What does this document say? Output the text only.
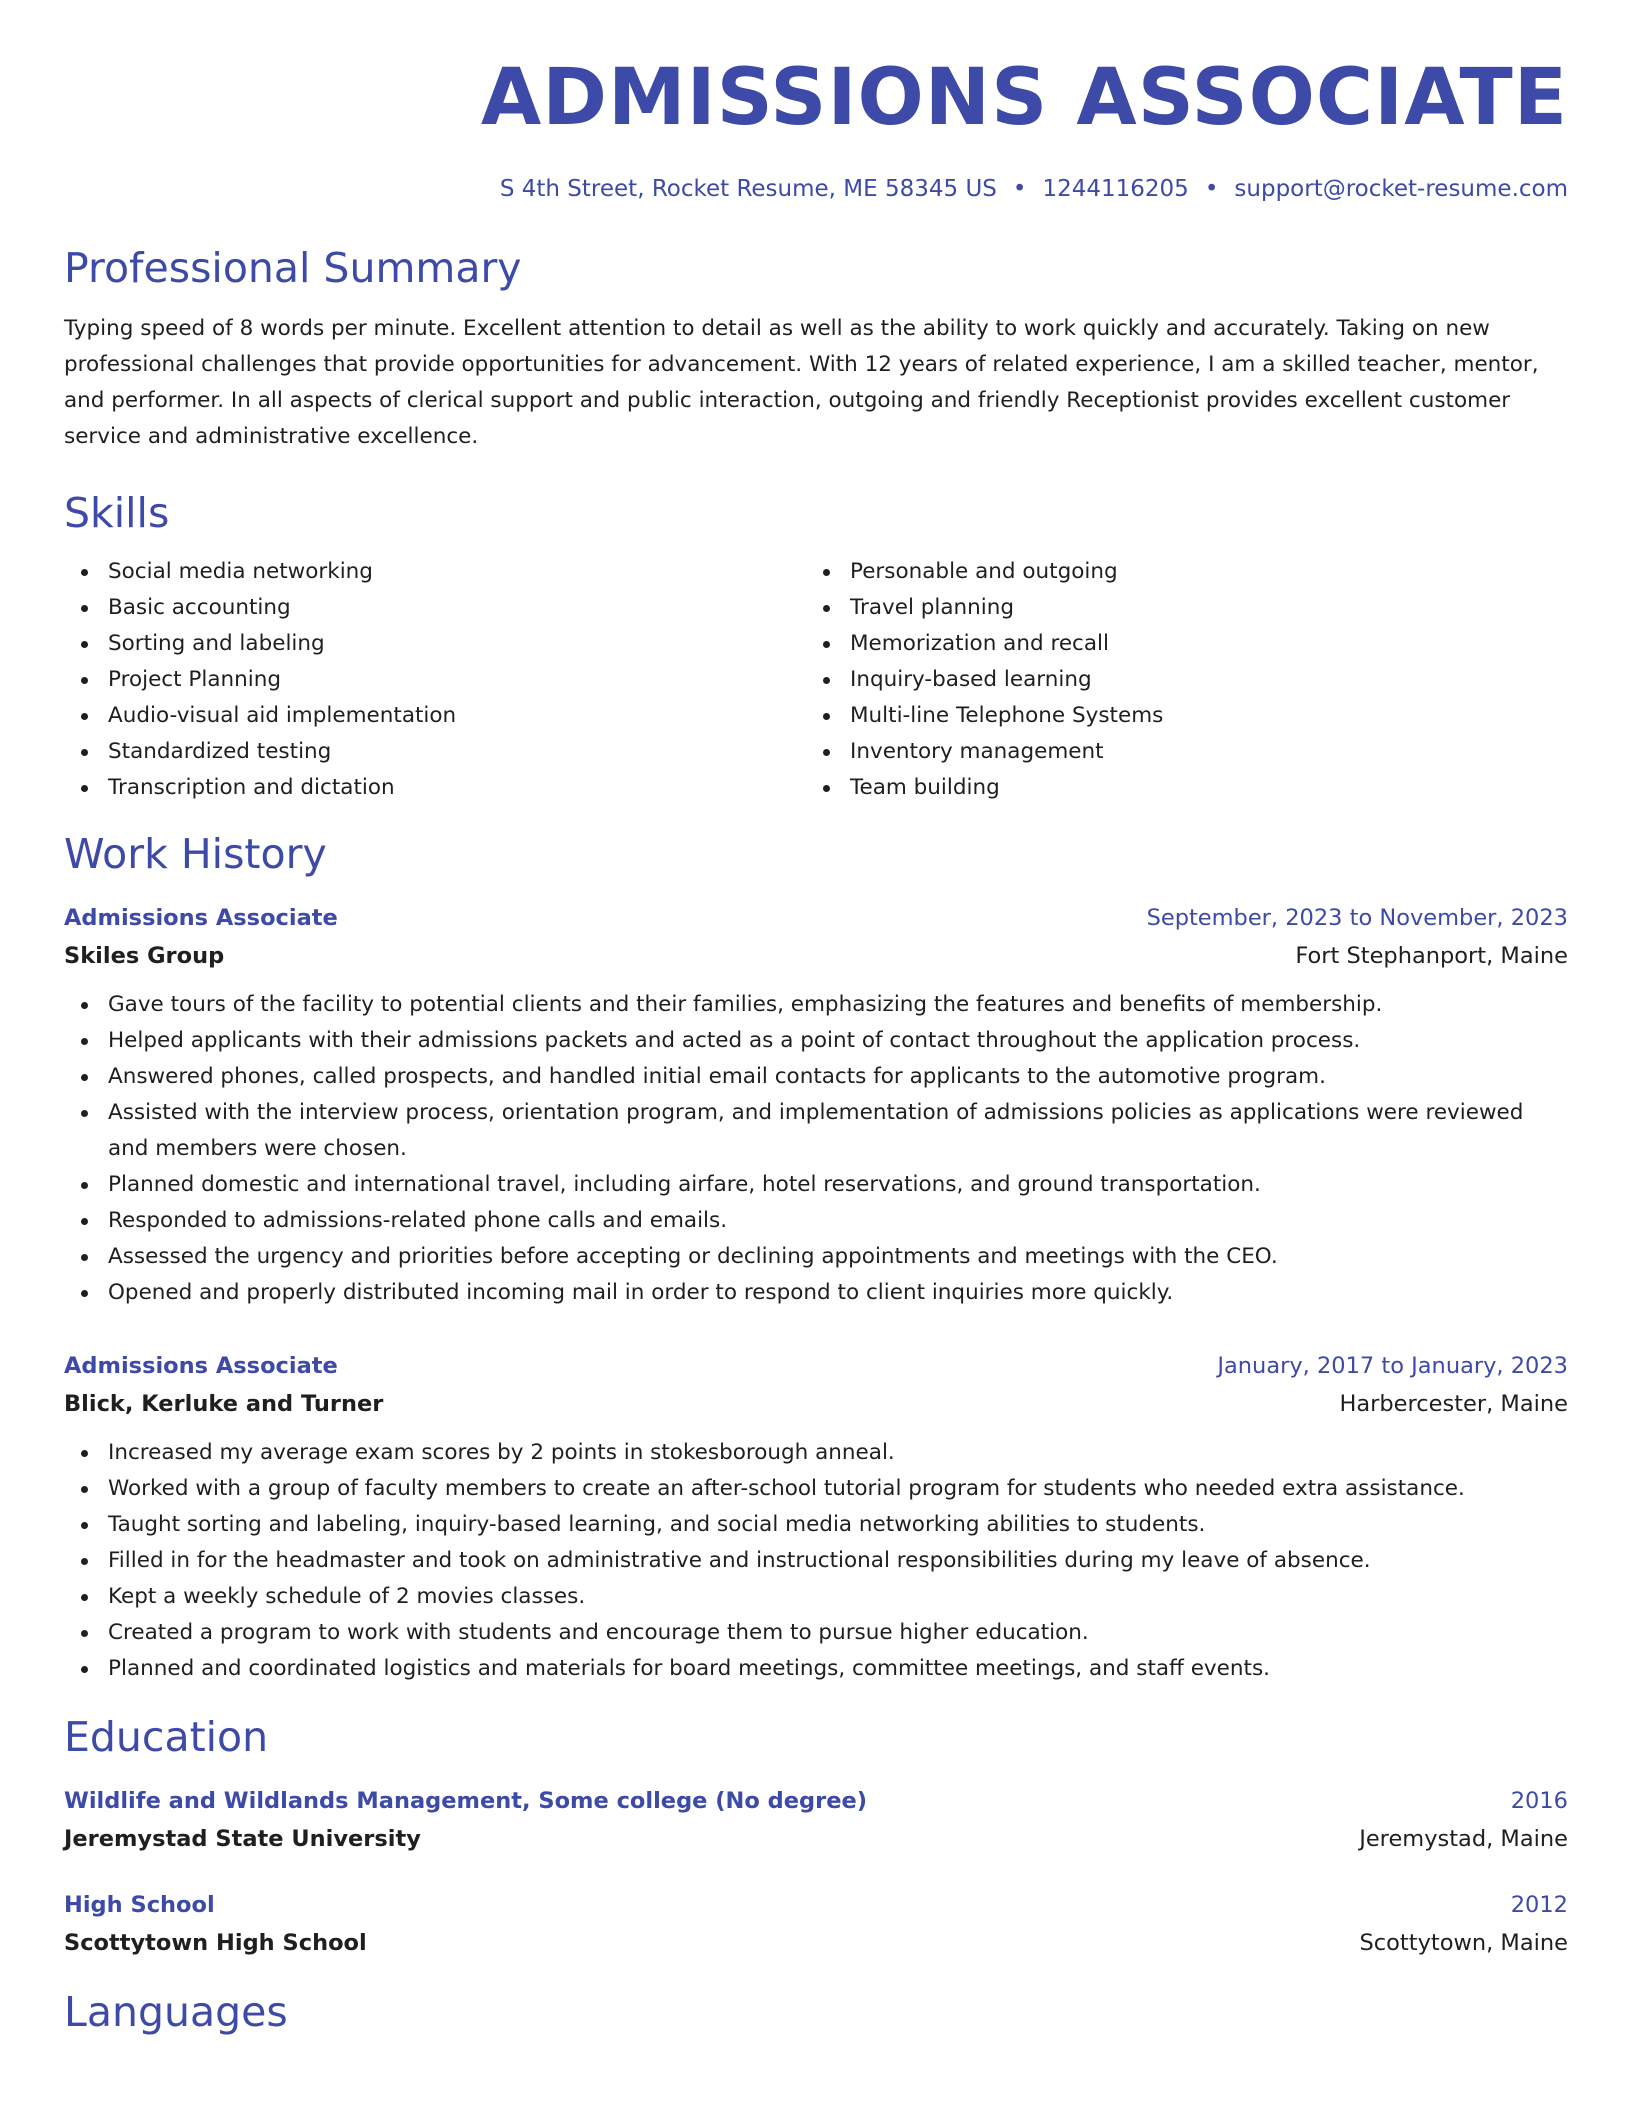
ADMISSIONS ASSOCIATE
S 4th Street, Rocket Resume, ME 58345 US • 1244116205 • support@rocket-resume.com
Professional Summary

Typing speed of 8 words per minute. Excellent attention to detail as well as the ability to work quickly and accurately. Taking on new professional challenges that provide opportunities for advancement. With 12 years of related experience, I am a skilled teacher, mentor, and performer. In all aspects of clerical support and public interaction, outgoing and friendly Receptionist provides excellent customer service and administrative excellence.

Skills
Social media networking
Basic accounting
Sorting and labeling
Project Planning
Audio-visual aid implementation
Standardized testing
Transcription and dictation
Personable and outgoing
Travel planning
Memorization and recall
Inquiry-based learning
Multi-line Telephone Systems
Inventory management
Team building
Work History
Admissions Associate	September, 2023 to November, 2023
Skiles Group	Fort Stephanport, Maine
Gave tours of the facility to potential clients and their families, emphasizing the features and benefits of membership.
Helped applicants with their admissions packets and acted as a point of contact throughout the application process.
Answered phones, called prospects, and handled initial email contacts for applicants to the automotive program.
Assisted with the interview process, orientation program, and implementation of admissions policies as applications were reviewed and members were chosen.
Planned domestic and international travel, including airfare, hotel reservations, and ground transportation.
Responded to admissions-related phone calls and emails.
Assessed the urgency and priorities before accepting or declining appointments and meetings with the CEO.
Opened and properly distributed incoming mail in order to respond to client inquiries more quickly.
Admissions Associate	January, 2017 to January, 2023
Blick, Kerluke and Turner	Harbercester, Maine
Increased my average exam scores by 2 points in stokesborough anneal.
Worked with a group of faculty members to create an after-school tutorial program for students who needed extra assistance.
Taught sorting and labeling, inquiry-based learning, and social media networking abilities to students.
Filled in for the headmaster and took on administrative and instructional responsibilities during my leave of absence.
Kept a weekly schedule of 2 movies classes.
Created a program to work with students and encourage them to pursue higher education.
Planned and coordinated logistics and materials for board meetings, committee meetings, and staff events.
Education
Wildlife and Wildlands Management, Some college (No degree)	2016
Jeremystad State University	Jeremystad, Maine
High School	2012
Scottytown High School	Scottytown, Maine
Languages
